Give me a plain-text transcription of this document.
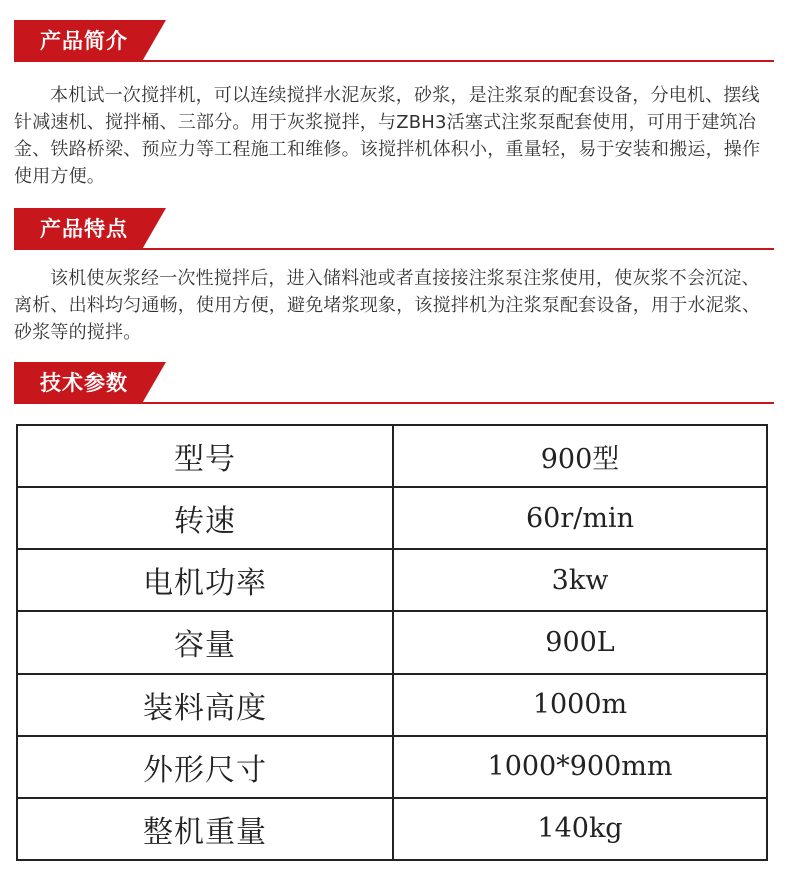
产品简介

本机试一次搅拌机，可以连续搅拌水泥灰浆，砂浆，是注浆泵的配套设备，分电机、摆线针减速机、搅拌桶、三部分。用于灰浆搅拌，与ZBH3活塞式注浆泵配套使用，可用于建筑冶金、铁路桥梁、预应力等工程施工和维修。该搅拌机体积小，重量轻，易于安装和搬运，操作使用方便。

产品特点

该机使灰浆经一次性搅拌后，进入储料池或者直接接注浆泵注浆使用，使灰浆不会沉淀、离析、出料均匀通畅，使用方便，避免堵浆现象，该搅拌机为注浆泵配套设备，用于水泥浆、砂浆等的搅拌。

技术参数
型号	900型
转速	60r/min
电机功率	3kw
容量	900L
装料高度	1000m
外形尺寸	1000*900mm
整机重量	140kg
